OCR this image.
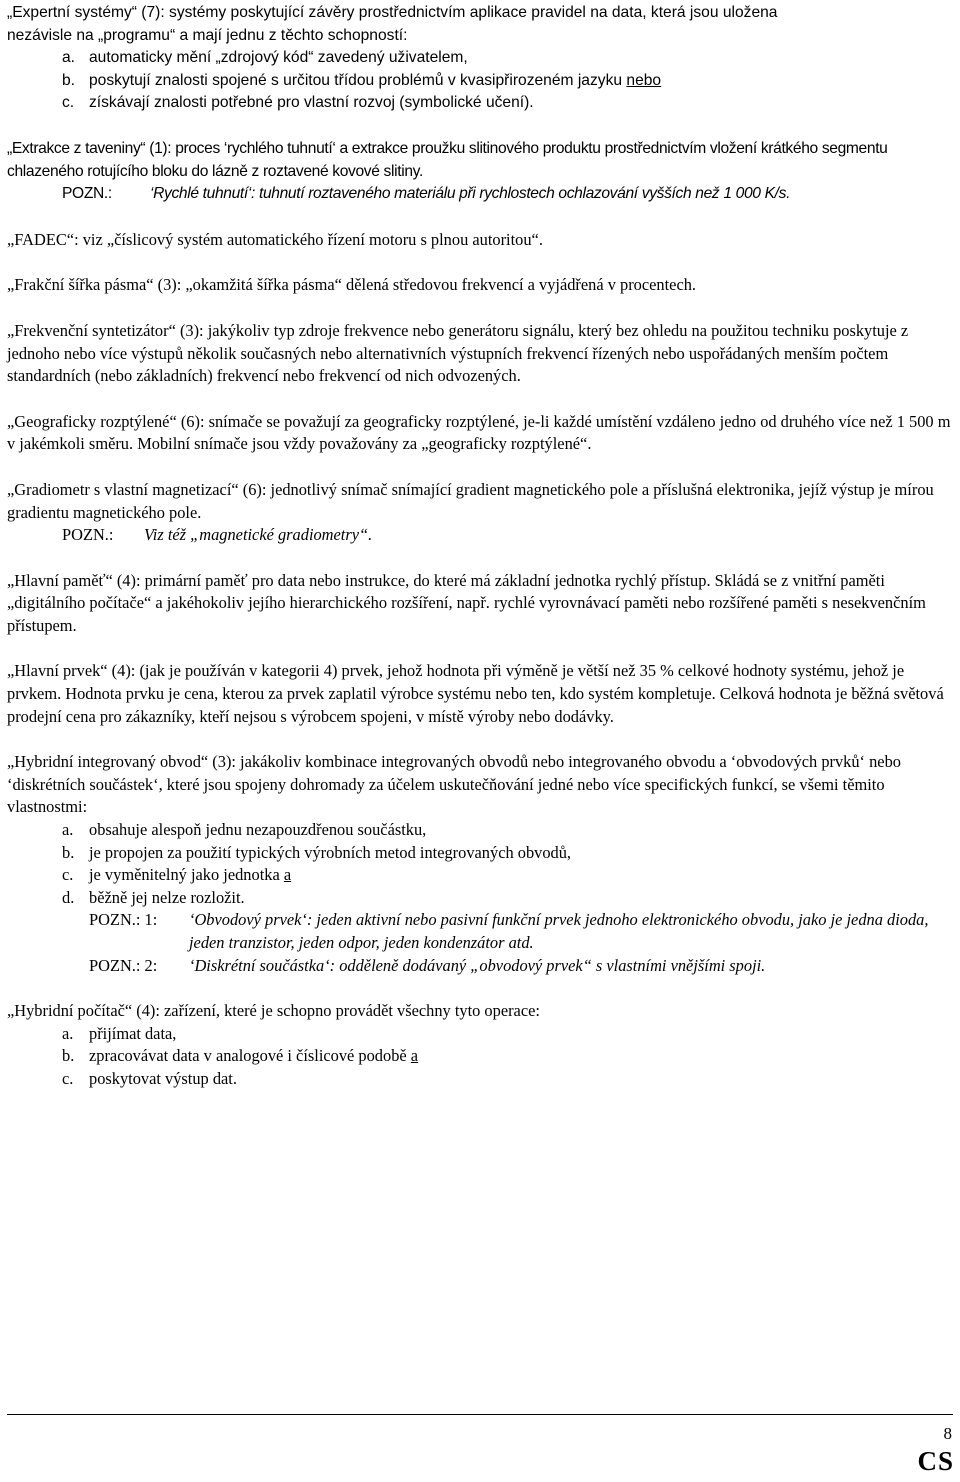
„Expertní systémy“ (7): systémy poskytující závěry prostřednictvím aplikace pravidel na data, která jsou uložena

nezávisle na „programu“ a mají jednu z těchto schopností:

a. automaticky mění „zdrojový kód“ zavedený uživatelem,
b. poskytují znalosti spojené s určitou třídou problémů v kvasipřirozeném jazyku nebo
c. získávají znalosti potřebné pro vlastní rozvoj (symbolické učení).

„Extrakce z taveniny“ (1): proces ‘rychlého tuhnutí‘ a extrakce proužku slitinového produktu prostřednictvím vložení krátkého segmentu chlazeného rotujícího bloku do lázně z roztavené kovové slitiny.

POZN.:	‘Rychlé tuhnutí‘: tuhnutí roztaveného materiálu při rychlostech ochlazování vyšších než 1 000 K/s.

„FADEC“: viz „číslicový systém automatického řízení motoru s plnou autoritou“.

„Frakční šířka pásma“ (3): „okamžitá šířka pásma“ dělená středovou frekvencí a vyjádřená v procentech.

„Frekvenční syntetizátor“ (3): jakýkoliv typ zdroje frekvence nebo generátoru signálu, který bez ohledu na použitou techniku poskytuje z jednoho nebo více výstupů několik současných nebo alternativních výstupních frekvencí řízených nebo uspořádaných menším počtem standardních (nebo základních) frekvencí nebo frekvencí od nich odvozených.

„Geograficky rozptýlené“ (6): snímače se považují za geograficky rozptýlené, je-li každé umístění vzdáleno jedno od druhého více než 1 500 m v jakémkoli směru. Mobilní snímače jsou vždy považovány za „geograficky rozptýlené“.

„Gradiometr s vlastní magnetizací“ (6): jednotlivý snímač snímající gradient magnetického pole a příslušná elektronika, jejíž výstup je mírou gradientu magnetického pole.

POZN.:	Viz též „magnetické gradiometry“.

„Hlavní paměť“ (4): primární paměť pro data nebo instrukce, do které má základní jednotka rychlý přístup. Skládá se z vnitřní paměti „digitálního počítače“ a jakéhokoliv jejího hierarchického rozšíření, např. rychlé vyrovnávací paměti nebo rozšířené paměti s nesekvenčním přístupem.

„Hlavní prvek“ (4): (jak je používán v kategorii 4) prvek, jehož hodnota při výměně je větší než 35 % celkové hodnoty systému, jehož je prvkem. Hodnota prvku je cena, kterou za prvek zaplatil výrobce systému nebo ten, kdo systém kompletuje. Celková hodnota je běžná světová prodejní cena pro zákazníky, kteří nejsou s výrobcem spojeni, v místě výroby nebo dodávky.

„Hybridní integrovaný obvod“ (3): jakákoliv kombinace integrovaných obvodů nebo integrovaného obvodu a ‘obvodových prvků‘ nebo ‘diskrétních součástek‘, které jsou spojeny dohromady za účelem uskutečňování jedné nebo více specifických funkcí, se všemi těmito vlastnostmi:

a. obsahuje alespoň jednu nezapouzdřenou součástku,
b. je propojen za použití typických výrobních metod integrovaných obvodů,
c. je vyměnitelný jako jednotka a
d. běžně jej nelze rozložit.
POZN.: 1:	‘Obvodový prvek‘: jeden aktivní nebo pasivní funkční prvek jednoho elektronického obvodu, jako je jedna dioda, jeden tranzistor, jeden odpor, jeden kondenzátor atd.
POZN.: 2:	‘Diskrétní součástka‘: odděleně dodávaný „obvodový prvek“ s vlastními vnějšími spoji.

„Hybridní počítač“ (4): zařízení, které je schopno provádět všechny tyto operace:

a. přijímat data,
b. zpracovávat data v analogové i číslicové podobě a
c. poskytovat výstup dat.
8
CS
